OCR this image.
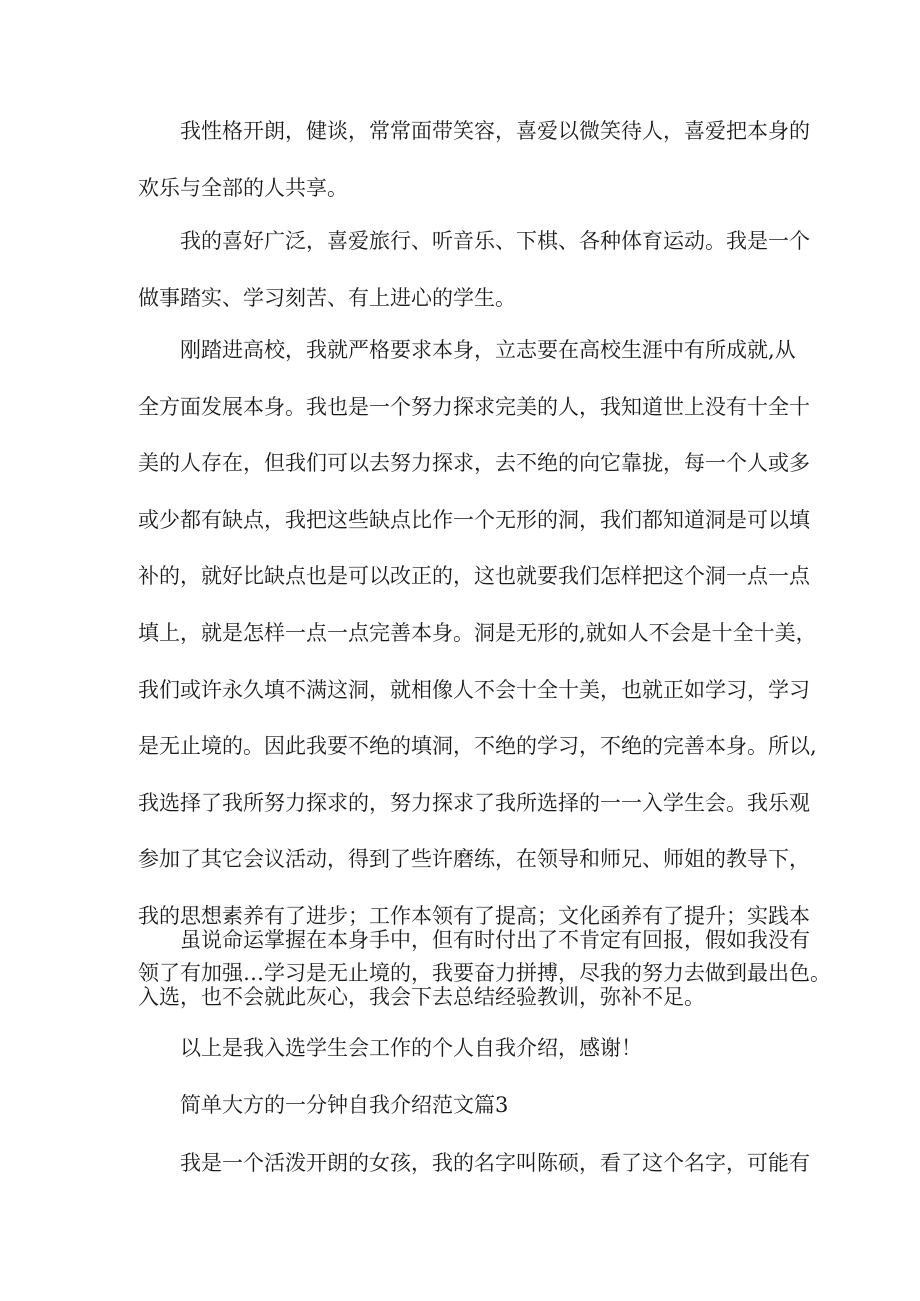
我性格开朗，健谈，常常面带笑容，喜爱以微笑待人，喜爱把本身的
欢乐与全部的人共享。
我的喜好广泛，喜爱旅行、听音乐、下棋、各种体育运动。我是一个
做事踏实、学习刻苦、有上进心的学生。
刚踏进高校，我就严格要求本身，立志要在高校生涯中有所成就,从
全方面发展本身。我也是一个努力探求完美的人，我知道世上没有十全十
美的人存在，但我们可以去努力探求，去不绝的向它靠拢，每一个人或多
或少都有缺点，我把这些缺点比作一个无形的洞，我们都知道洞是可以填
补的，就好比缺点也是可以改正的，这也就要我们怎样把这个洞一点一点
填上，就是怎样一点一点完善本身。洞是无形的,就如人不会是十全十美，
我们或许永久填不满这洞，就相像人不会十全十美，也就正如学习，学习
是无止境的。因此我要不绝的填洞，不绝的学习，不绝的完善本身。所以,
我选择了我所努力探求的，努力探求了我所选择的一一入学生会。我乐观
参加了其它会议活动，得到了些许磨练，在领导和师兄、师姐的教导下，
我的思想素养有了进步；工作本领有了提高；文化函养有了提升；实践本
领了有加强…学习是无止境的，我要奋力拼搏，尽我的努力去做到最出色。
虽说命运掌握在本身手中，但有时付出了不肯定有回报，假如我没有
入选，也不会就此灰心，我会下去总结经验教训，弥补不足。
以上是我入选学生会工作的个人自我介绍，感谢！
简单大方的一分钟自我介绍范文篇3
我是一个活泼开朗的女孩，我的名字叫陈硕，看了这个名字，可能有
